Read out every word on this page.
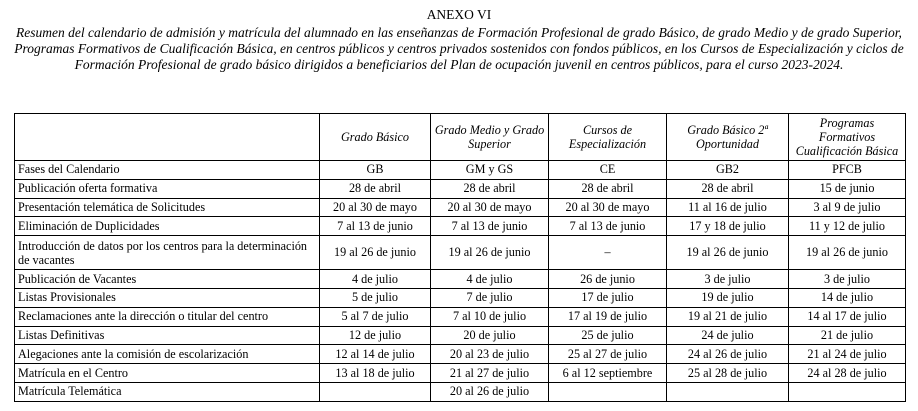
ANEXO VI
Resumen del calendario de admisión y matrícula del alumnado en las enseñanzas de Formación Profesional de grado Básico, de grado Medio y de grado Superior, Programas Formativos de Cualificación Básica, en centros públicos y centros privados sostenidos con fondos públicos, en los Cursos de Especialización y ciclos de Formación Profesional de grado básico dirigidos a beneficiarios del Plan de ocupación juvenil en centros públicos, para el curso 2023-2024.
	Grado Básico	Grado Medio y Grado Superior	Cursos de Especialización	Grado Básico 2ª Oportunidad	Programas Formativos Cualificación Básica
Fases del Calendario	GB	GM y GS	CE	GB2	PFCB
Publicación oferta formativa	28 de abril	28 de abril	28 de abril	28 de abril	15 de junio
Presentación telemática de Solicitudes	20 al 30 de mayo	20 al 30 de mayo	20 al 30 de mayo	11 al 16 de julio	3 al 9 de julio
Eliminación de Duplicidades	7 al 13 de junio	7 al 13 de junio	7 al 13 de junio	17 y 18 de julio	11 y 12 de julio
Introducción de datos por los centros para la determinación de vacantes	19 al 26 de junio	19 al 26 de junio	–	19 al 26 de junio	19 al 26 de junio
Publicación de Vacantes	4 de julio	4 de julio	26 de junio	3 de julio	3 de julio
Listas Provisionales	5 de julio	7 de julio	17 de julio	19 de julio	14 de julio
Reclamaciones ante la dirección o titular del centro	5 al 7 de julio	7 al 10 de julio	17 al 19 de julio	19 al 21 de julio	14 al 17 de julio
Listas Definitivas	12 de julio	20 de julio	25 de julio	24 de julio	21 de julio
Alegaciones ante la comisión de escolarización	12 al 14 de julio	20 al 23 de julio	25 al 27 de julio	24 al 26 de julio	21 al 24 de julio
Matrícula en el Centro	13 al 18 de julio	21 al 27 de julio	6 al 12 septiembre	25 al 28 de julio	24 al 28 de julio
Matrícula Telemática		20 al 26 de julio			
